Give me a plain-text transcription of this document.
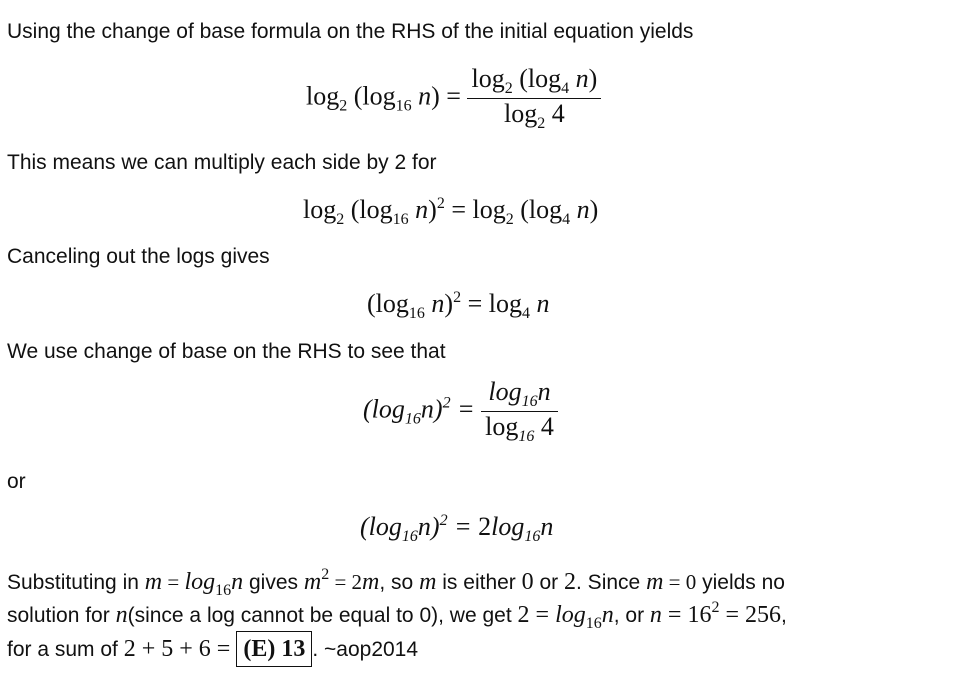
Using the change of base formula on the RHS of the initial equation yields
$\log_2 (\log_{16}$ $n) = \frac{\log_2 (\log_4 n)}{\log_2 4}$
This means we can multiply each side by 2 for
$\log_2 (\log_{16}$ $n)^2 = \log_2 (\log_4$ n)
Canceling out the logs gives
($\log_{16}$ $n)^2 = \log_4 n$
We use change of base on the RHS to see that
$(\log_{16}n)^2 = \frac{\log_{16}n}{\log_{16} 4}$
or
$(\log_{16}n)^2 = 2\log_{16}n$
Substituting in $m = \log_{16}n$ gives $m^2 = 2m$, so m is either 0 or 2. Since m = 0 yields no
solution for n(since a log cannot be equal to 0), we get $2 = \log_{16}n$, or $n = 16^2 = 256$,
for a sum of 2 + 5 + 6 = (E) 13 . ~aop2014
